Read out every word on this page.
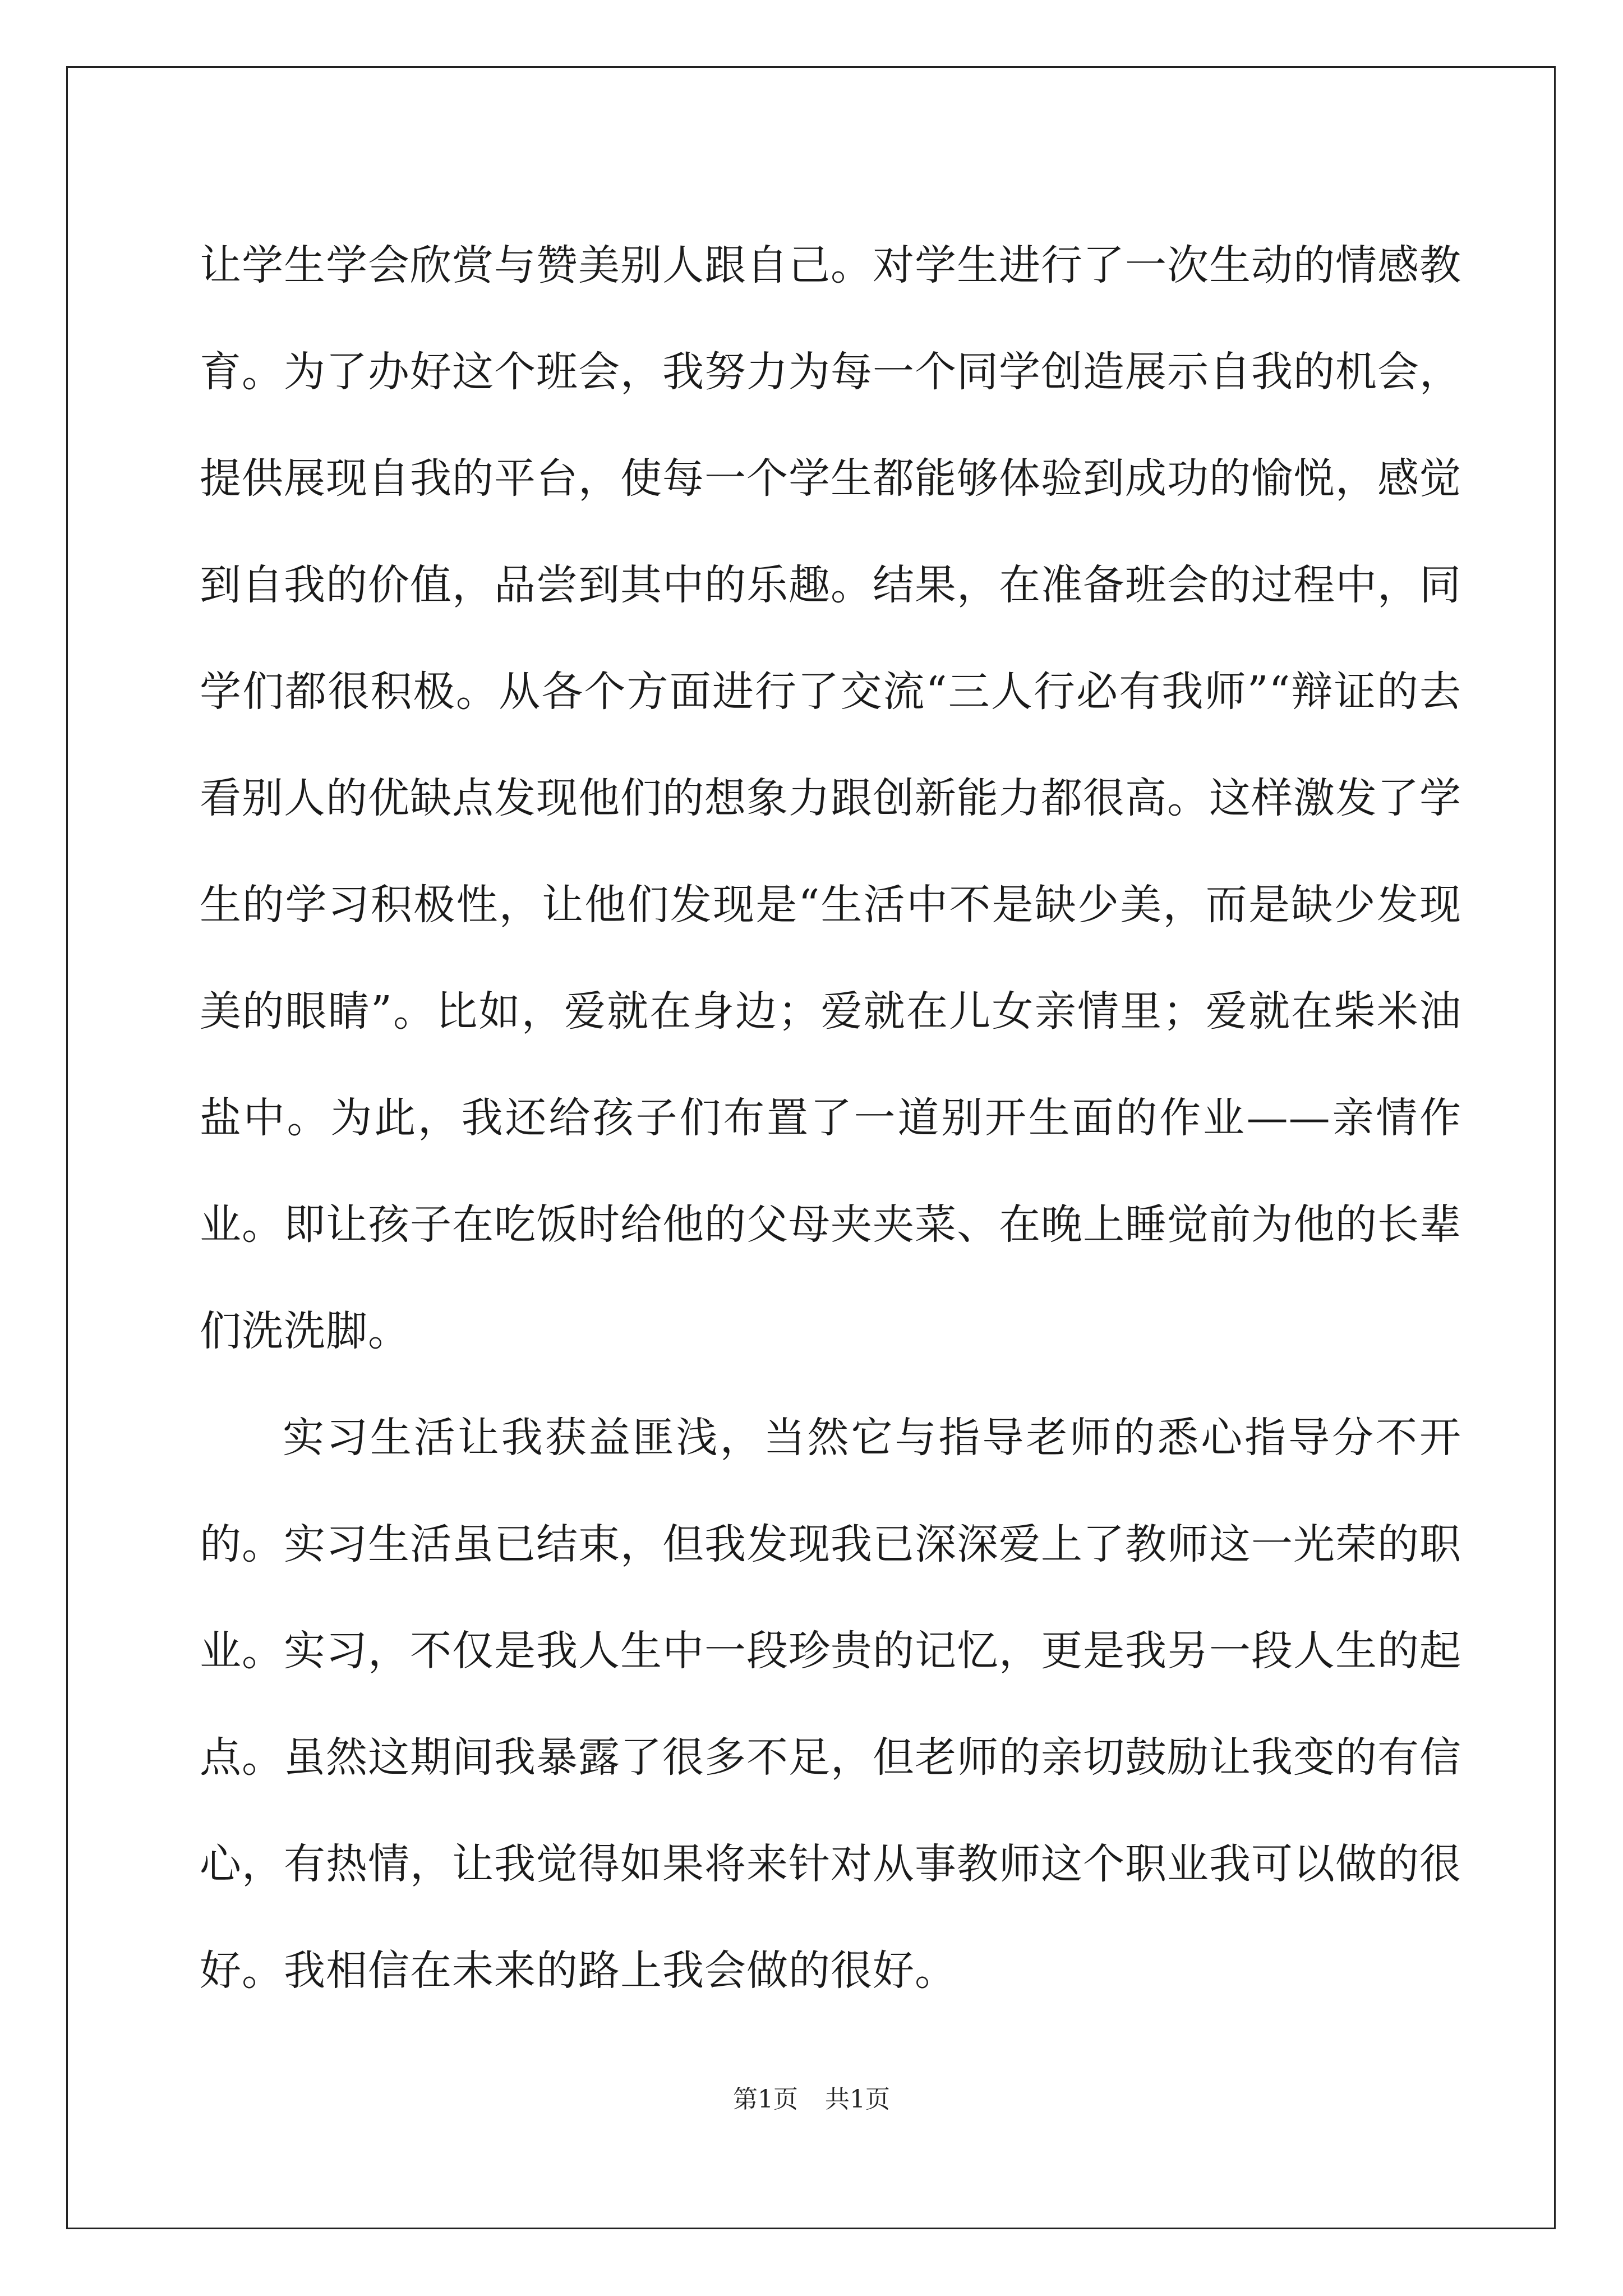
让学生学会欣赏与赞美别人跟自己。对学生进行了一次生动的情感教育。为了办好这个班会，我努力为每一个同学创造展示自我的机会，提供展现自我的平台，使每一个学生都能够体验到成功的愉悦，感觉到自我的价值，品尝到其中的乐趣。结果，在准备班会的过程中，同学们都很积极。从各个方面进行了交流“三人行必有我师”“辩证的去看别人的优缺点发现他们的想象力跟创新能力都很高。这样激发了学生的学习积极性，让他们发现是“生活中不是缺少美，而是缺少发现美的眼睛”。比如，爱就在身边；爱就在儿女亲情里；爱就在柴米油盐中。为此，我还给孩子们布置了一道别开生面的作业——亲情作业。即让孩子在吃饭时给他的父母夹夹菜、在晚上睡觉前为他的长辈们洗洗脚。

实习生活让我获益匪浅，当然它与指导老师的悉心指导分不开的。实习生活虽已结束，但我发现我已深深爱上了教师这一光荣的职业。实习，不仅是我人生中一段珍贵的记忆，更是我另一段人生的起点。虽然这期间我暴露了很多不足，但老师的亲切鼓励让我变的有信心，有热情，让我觉得如果将来针对从事教师这个职业我可以做的很好。我相信在未来的路上我会做的很好。

第1页 共1页
